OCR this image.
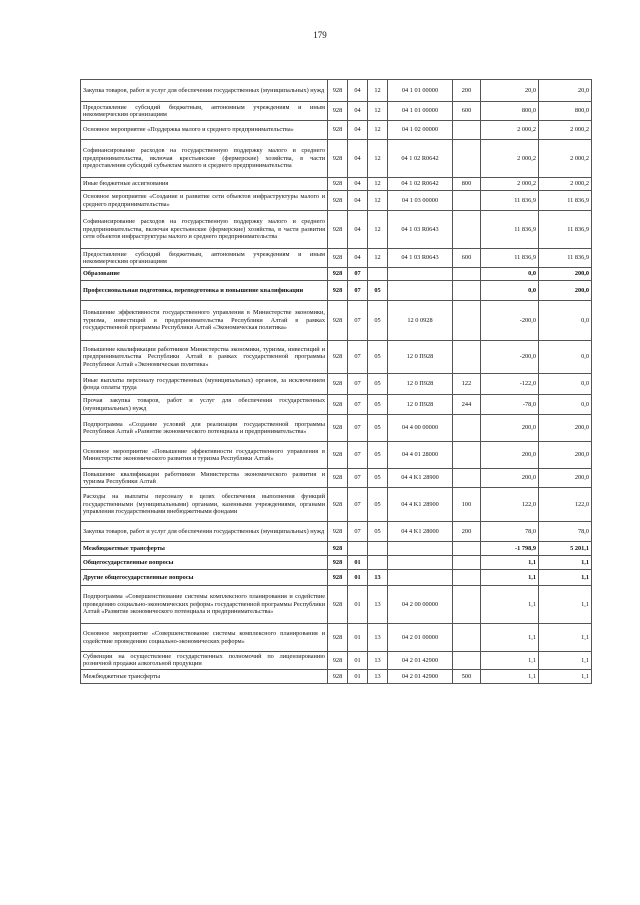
179
Закупка товаров, работ и услуг для обеспечения государственных (муниципальных) нужд	928	04	12	04 1 01 00000	200	20,0	20,0
Предоставление субсидий бюджетным, автономным учреждениям и иным некоммерческим организациям	928	04	12	04 1 01 00000	600	800,0	800,0
Основное мероприятие «Поддержка малого и среднего предпринимательства»	928	04	12	04 1 02 00000		2 000,2	2 000,2
Софинансирование расходов на государственную поддержку малого и среднего предпринимательства, включая крестьянские (фермерские) хозяйства, в части предоставления субсидий субъектам малого и среднего предпринимательства	928	04	12	04 1 02 R0642		2 000,2	2 000,2
Иные бюджетные ассигнования	928	04	12	04 1 02 R0642	800	2 000,2	2 000,2
Основное мероприятие «Создание и развитие сети объектов инфраструктуры малого и среднего предпринимательства»	928	04	12	04 1 03 00000		11 836,9	11 836,9
Софинансирование расходов на государственную поддержку малого и среднего предпринимательства, включая крестьянские (фермерские) хозяйства, в части развития сети объектов инфраструктуры малого и среднего предпринимательства	928	04	12	04 1 03 R0643		11 836,9	11 836,9
Предоставление субсидий бюджетным, автономным учреждениям и иным некоммерческим организациям	928	04	12	04 1 03 R0643	600	11 836,9	11 836,9
Образование	928	07				0,0	200,0
Профессиональная подготовка, переподготовка и повышение квалификации	928	07	05			0,0	200,0
Повышение эффективности государственного управления в Министерстве экономики, туризма, инвестиций и предпринимательства Республики Алтай в рамках государственной программы Республики Алтай «Экономическая политика»	928	07	05	12 0 0928		-200,0	0,0
Повышение квалификации работников Министерства экономики, туризма, инвестиций и предпринимательства Республики Алтай в рамках государственной программы Республики Алтай «Экономическая политика»	928	07	05	12 0 П928		-200,0	0,0
Иные выплаты персоналу государственных (муниципальных) органов, за исключением фонда оплаты труда	928	07	05	12 0 П928	122	-122,0	0,0
Прочая закупка товаров, работ и услуг для обеспечения государственных (муниципальных) нужд	928	07	05	12 0 П928	244	-78,0	0,0
Подпрограмма «Создание условий для реализации государственной программы Республики Алтай «Развитие экономического потенциала и предпринимательства»	928	07	05	04 4 00 00000		200,0	200,0
Основное мероприятие «Повышение эффективности государственного управления в Министерстве экономического развития и туризма Республики Алтай»	928	07	05	04 4 01 28000		200,0	200,0
Повышение квалификации работников Министерства экономического развития и туризма Республики Алтай	928	07	05	04 4 K1 28900		200,0	200,0
Расходы на выплаты персоналу в целях обеспечения выполнения функций государственными (муниципальными) органами, казенными учреждениями, органами управления государственными внебюджетными фондами	928	07	05	04 4 K1 28900	100	122,0	122,0
Закупка товаров, работ и услуг для обеспечения государственных (муниципальных) нужд	928	07	05	04 4 K1 28000	200	78,0	78,0
Межбюджетные трансферты	928					-1 798,9	5 201,1
Общегосударственные вопросы	928	01				1,1	1,1
Другие общегосударственные вопросы	928	01	13			1,1	1,1
Подпрограмма «Совершенствование системы комплексного планирования и содействие проведению социально-экономических реформ» государственной программы Республики Алтай «Развитие экономического потенциала и предпринимательства»	928	01	13	04 2 00 00000		1,1	1,1
Основное мероприятие «Совершенствование системы комплексного планирования и содействие проведению социально-экономических реформ»	928	01	13	04 2 01 00000		1,1	1,1
Субвенции на осуществление государственных полномочий по лицензированию розничной продажи алкогольной продукции	928	01	13	04 2 01 42900		1,1	1,1
Межбюджетные трансферты	928	01	13	04 2 01 42900	500	1,1	1,1
